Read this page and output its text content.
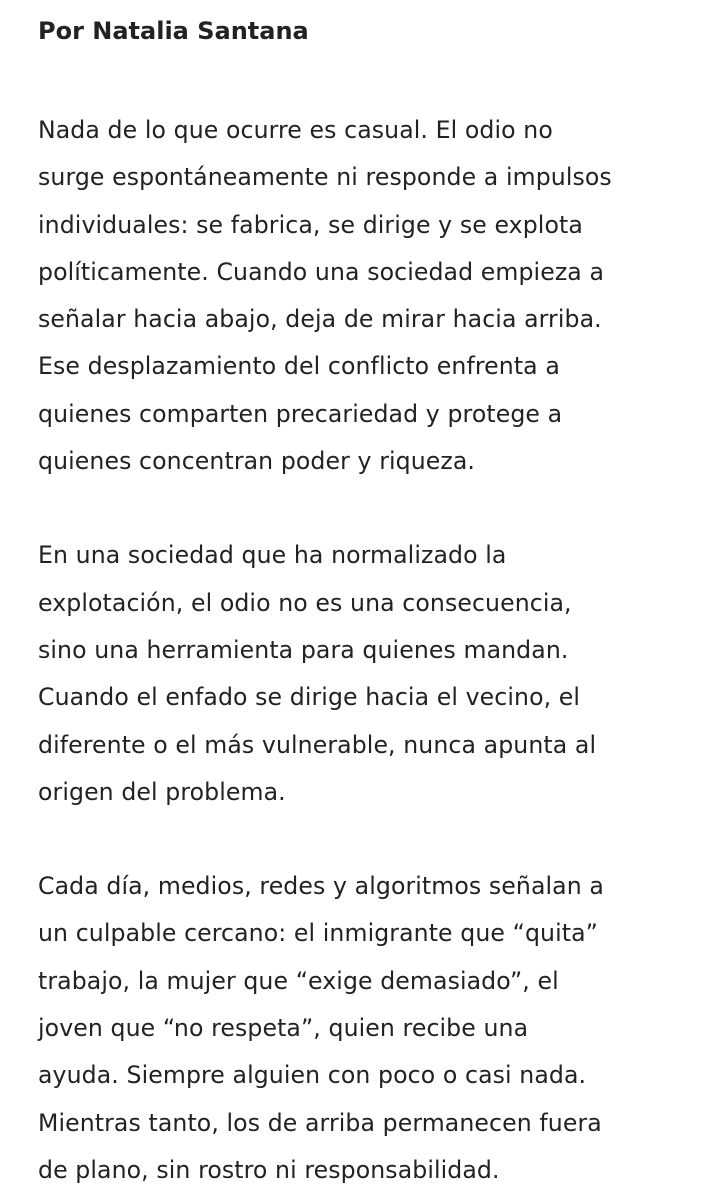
Por Natalia Santana

Nada de lo que ocurre es casual. El odio no
surge espontáneamente ni responde a impulsos
individuales: se fabrica, se dirige y se explota
políticamente. Cuando una sociedad empieza a
señalar hacia abajo, deja de mirar hacia arriba.
Ese desplazamiento del conflicto enfrenta a
quienes comparten precariedad y protege a
quienes concentran poder y riqueza.

En una sociedad que ha normalizado la
explotación, el odio no es una consecuencia,
sino una herramienta para quienes mandan.
Cuando el enfado se dirige hacia el vecino, el
diferente o el más vulnerable, nunca apunta al
origen del problema.

Cada día, medios, redes y algoritmos señalan a
un culpable cercano: el inmigrante que “quita”
trabajo, la mujer que “exige demasiado”, el
joven que “no respeta”, quien recibe una
ayuda. Siempre alguien con poco o casi nada.
Mientras tanto, los de arriba permanecen fuera
de plano, sin rostro ni responsabilidad.
